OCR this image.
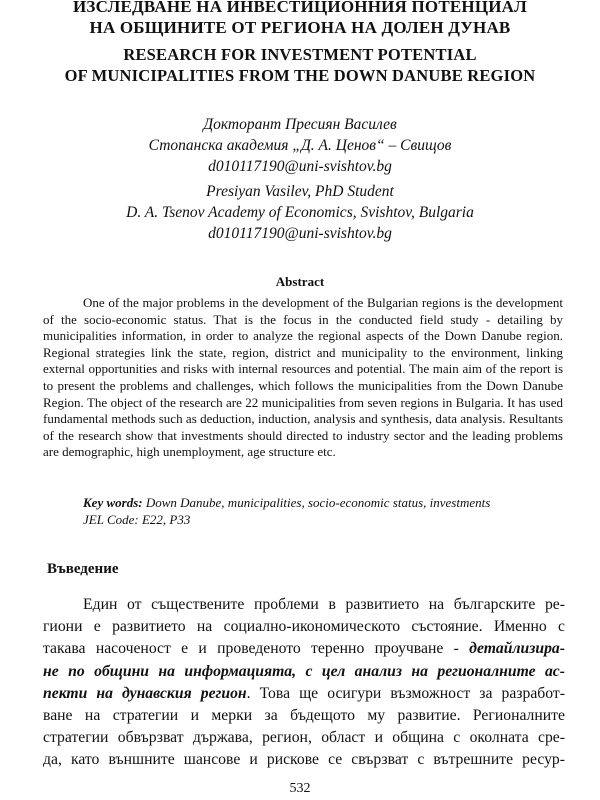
ИЗСЛЕДВАНЕ НА ИНВЕСТИЦИОННИЯ ПОТЕНЦИАЛ
НА ОБЩИНИТЕ ОТ РЕГИОНА НА ДОЛЕН ДУНАВ
RESEARCH FOR INVESTMENT POTENTIAL
OF MUNICIPALITIES FROM THE DOWN DANUBE REGION
Докторант Пресиян Василев
Стопанска академия „Д. А. Ценов“ – Свищов
d010117190@uni-svishtov.bg
Presiyan Vasilev, PhD Student
D. A. Tsenov Academy of Economics, Svishtov, Bulgaria
d010117190@uni-svishtov.bg
Abstract

One of the major problems in the development of the Bulgarian regions is the development of the socio-economic status. That is the focus in the conducted field study - detailing by municipalities information, in order to analyze the regional aspects of the Down Danube region. Regional strategies link the state, region, district and municipality to the environment, linking external opportunities and risks with internal resources and potential. The main aim of the report is to present the problems and challenges, which follows the municipalities from the Down Danube Region. The object of the research are 22 municipalities from seven regions in Bulgaria. It has used fundamental methods such as deduction, induction, analysis and synthesis, data analysis. Resultants of the research show that investments should directed to industry sector and the leading problems are demographic, high unemployment, age structure etc.

Key words: Down Danube, municipalities, socio-economic status, investments
JEL Code: E22, P33
Въведение
Един от съществените проблеми в развитието на българските ре-
гиони е развитието на социално-икономическото състояние. Именно с
такава насоченост е и проведеното теренно проучване - детайлизира-
не по общини на информацията, с цел анализ на регионалните ас-
пекти на дунавския регион. Това ще осигури възможност за разработ-
ване на стратегии и мерки за бъдещото му развитие. Регионалните
стратегии обвързват държава, регион, област и община с околната сре-
да, като външните шансове и рискове се свързват с вътрешните ресур-
532
